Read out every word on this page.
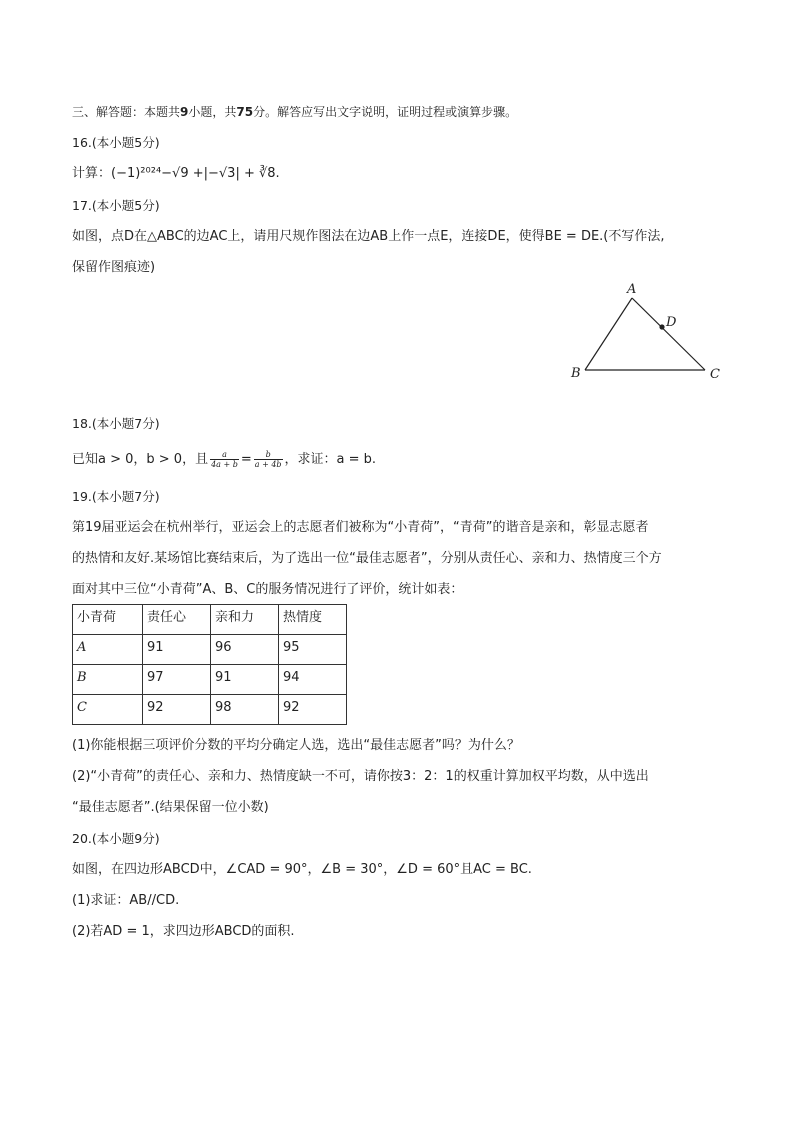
三、解答题：本题共9小题，共75分。解答应写出文字说明，证明过程或演算步骤。
16.(本小题5分)
计算：(−1)²⁰²⁴−√9 +|−√3| + ∛8.
17.(本小题5分)
如图，点D在△ABC的边AC上，请用尺规作图法在边AB上作一点E，连接DE，使得BE = DE.(不写作法,
保留作图痕迹)
A
B	C
D
18.(本小题7分)
已知a > 0，b > 0，且 $\frac{a}{4a + b} = \frac{b}{a + 4b}$ ，求证：a = b.
19.(本小题7分)
第19届亚运会在杭州举行，亚运会上的志愿者们被称为“小青荷”，“青荷”的谐音是亲和，彰显志愿者
的热情和友好.某场馆比赛结束后，为了选出一位“最佳志愿者”，分别从责任心、亲和力、热情度三个方
面对其中三位“小青荷”A、B、C的服务情况进行了评价，统计如表：
小青荷	责任心	亲和力	热情度
A	91	96	95
B	97	91	94
C	92	98	92
(1)你能根据三项评价分数的平均分确定人选，选出“最佳志愿者”吗？为什么？
(2)“小青荷”的责任心、亲和力、热情度缺一不可，请你按3：2：1的权重计算加权平均数，从中选出
“最佳志愿者”.(结果保留一位小数)
20.(本小题9分)
如图，在四边形ABCD中，∠CAD = 90°，∠B = 30°，∠D = 60°且AC = BC.
(1)求证：AB//CD.
(2)若AD = 1，求四边形ABCD的面积.
